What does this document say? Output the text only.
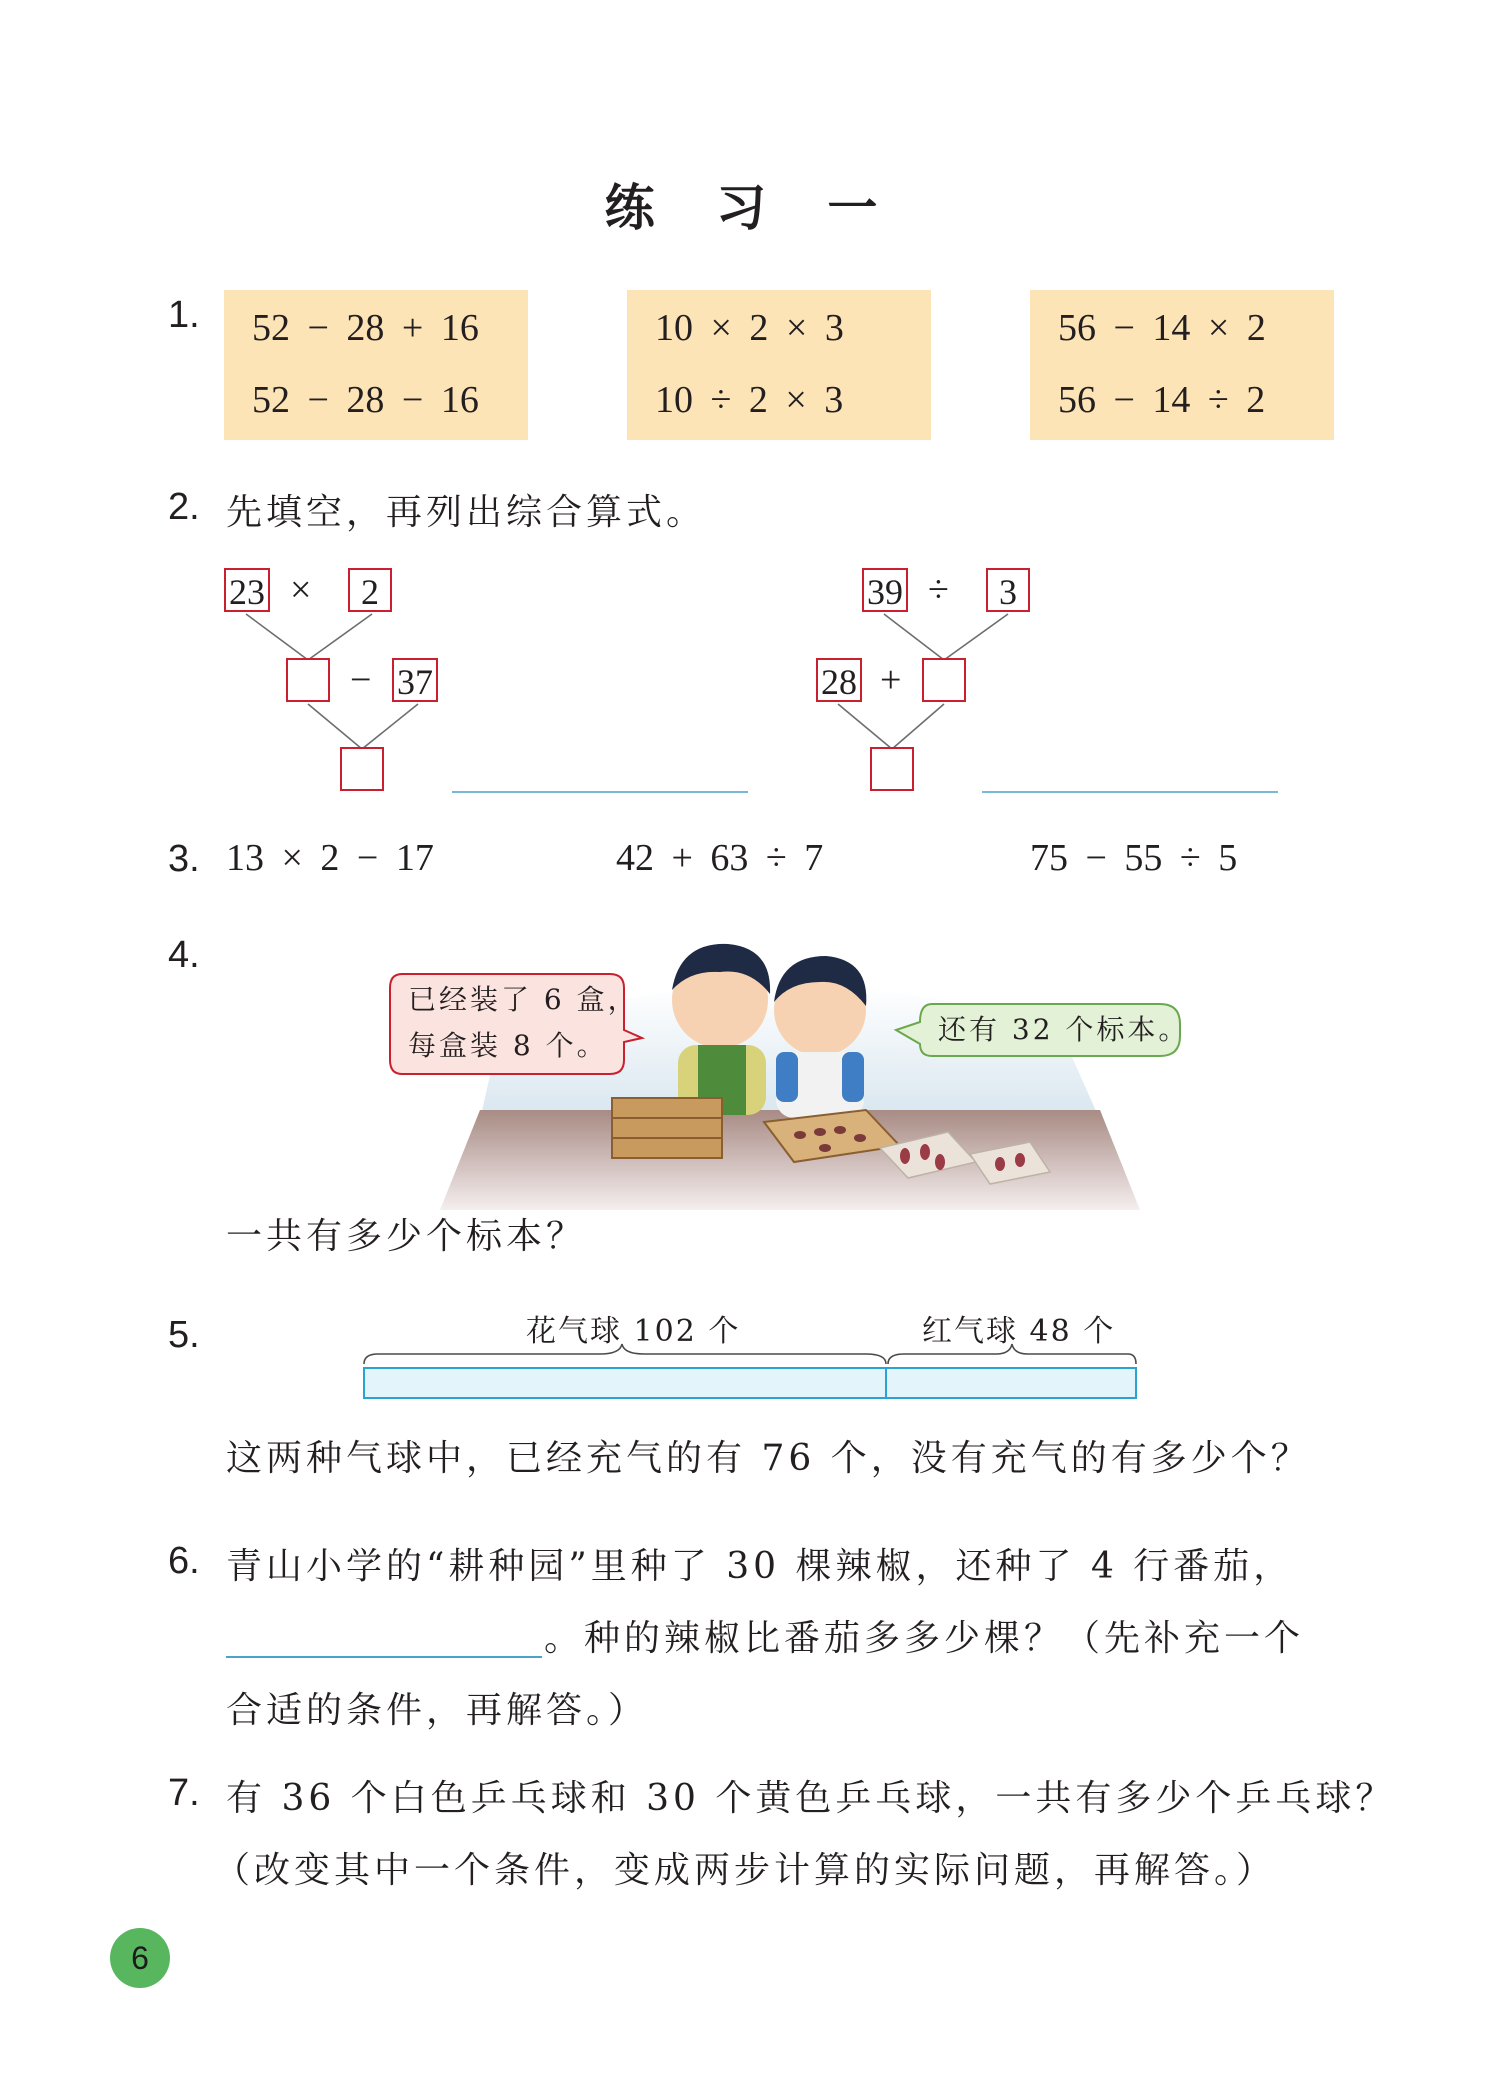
练 习 一
1. 52 − 28 + 16
52 − 28 − 16
10 × 2 × 3
10 ÷ 2 × 3
56 − 14 × 2
56 − 14 ÷ 2
2. 先填空，再列出综合算式。
23 ×	2
− 37
39 ÷	3
28 +
3. 13 × 2 − 17	42 + 63 ÷ 7	75 − 55 ÷ 5
4.
已经装了 6 盒，
每盒装 8 个。	还有 32 个标本。
一共有多少个标本？
5.	花气球 102 个	红气球 48 个
这两种气球中，已经充气的有 76 个，没有充气的有多少个？
6. 青山小学的“耕种园”里种了 30 棵辣椒，还种了 4 行番茄，
。种的辣椒比番茄多多少棵？（先补充一个
合适的条件，再解答。）
7. 有 36 个白色乒乓球和 30 个黄色乒乓球，一共有多少个乒乓球？
（改变其中一个条件，变成两步计算的实际问题，再解答。）
6
